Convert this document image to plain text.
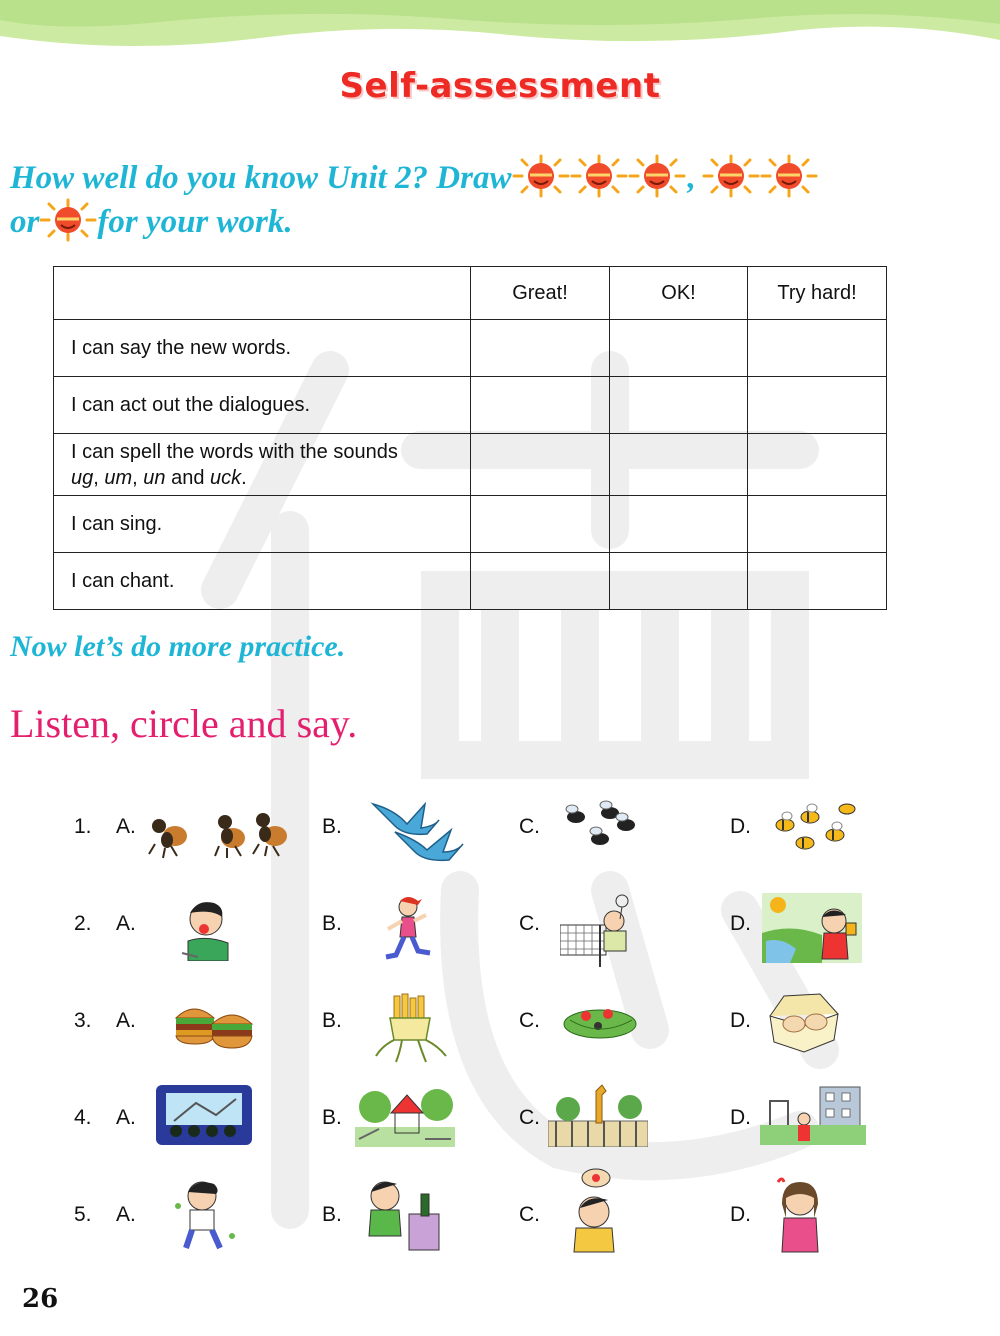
Self-assessment
How well do you know Unit 2? Draw	,
or for your work.
	Great!	OK!	Try hard!
I can say the new words.			
I can act out the dialogues.			
I can spell the words with the sounds
ug, um, un and uck.			
I can sing.			
I can chant.			
Now let’s do more practice.
Listen, circle and say.
1. A.	B.	C.	D.
2. A.	B.	C.	D.
3. A.	B.	C.	D.
4. A.	B.	C.	D.
5. A.	B.	C.	D.
26
